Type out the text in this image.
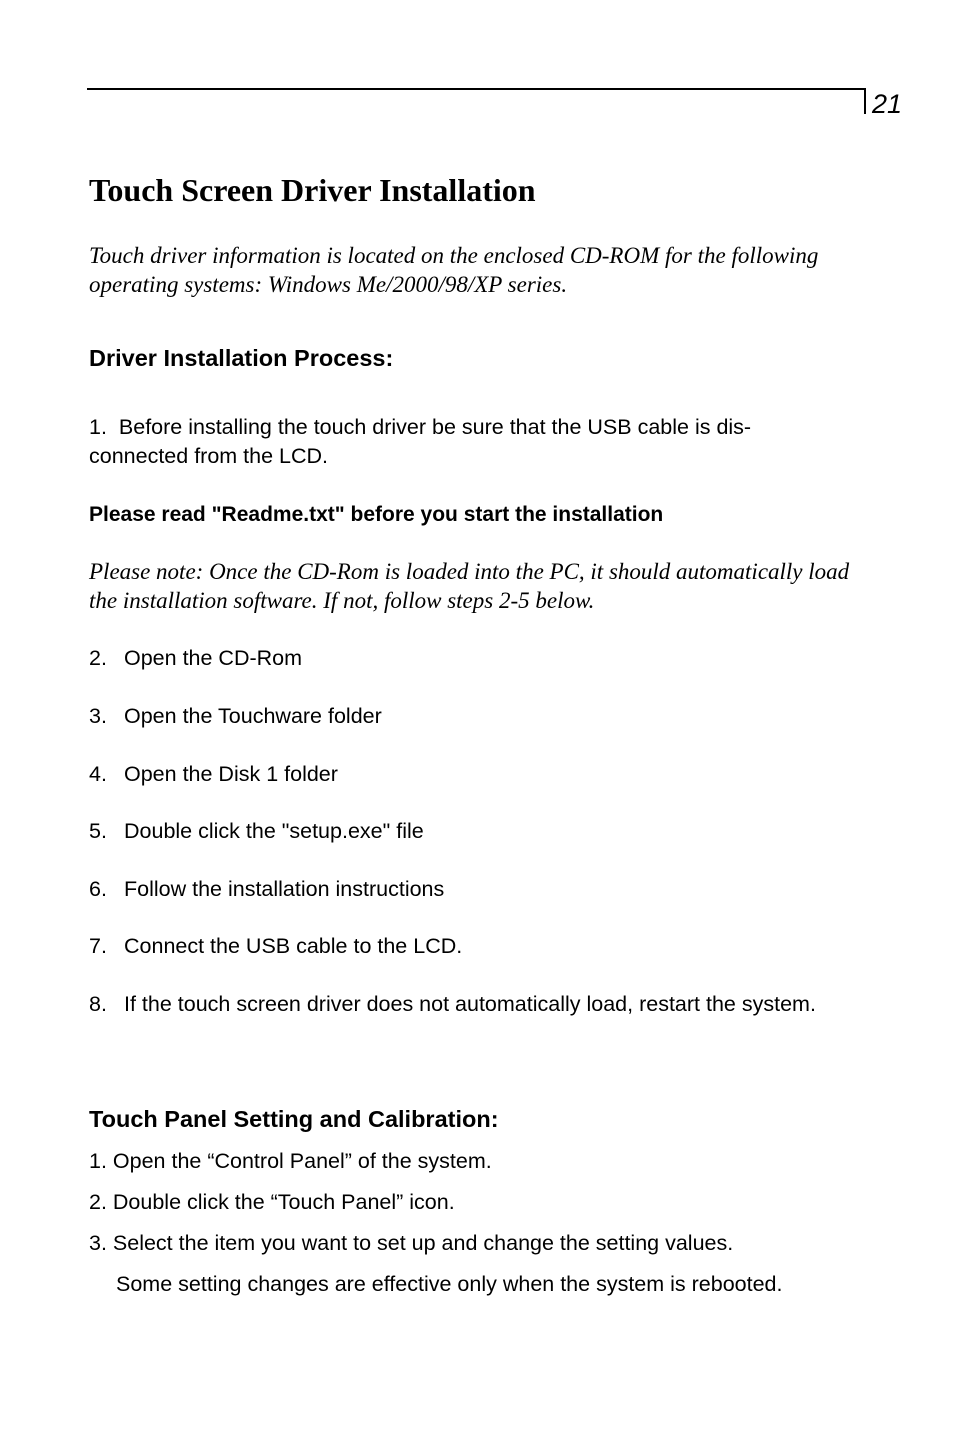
21
Touch Screen Driver Installation

Touch driver information is located on the enclosed CD-ROM for the following operating systems: Windows Me/2000/98/XP series.

Driver Installation Process:
1. Before installing the touch driver be sure that the USB cable is dis-
connected from the LCD.
Please read "Readme.txt" before you start the installation

Please note: Once the CD-Rom is loaded into the PC, it should automatically load the installation software. If not, follow steps 2-5 below.

2. Open the CD-Rom
3. Open the Touchware folder
4. Open the Disk 1 folder
5. Double click the "setup.exe" file
6. Follow the installation instructions
7. Connect the USB cable to the LCD.
8. If the touch screen driver does not automatically load, restart the system.
Touch Panel Setting and Calibration:

1. Open the “Control Panel” of the system.

2. Double click the “Touch Panel” icon.

3. Select the item you want to set up and change the setting values.

Some setting changes are effective only when the system is rebooted.
